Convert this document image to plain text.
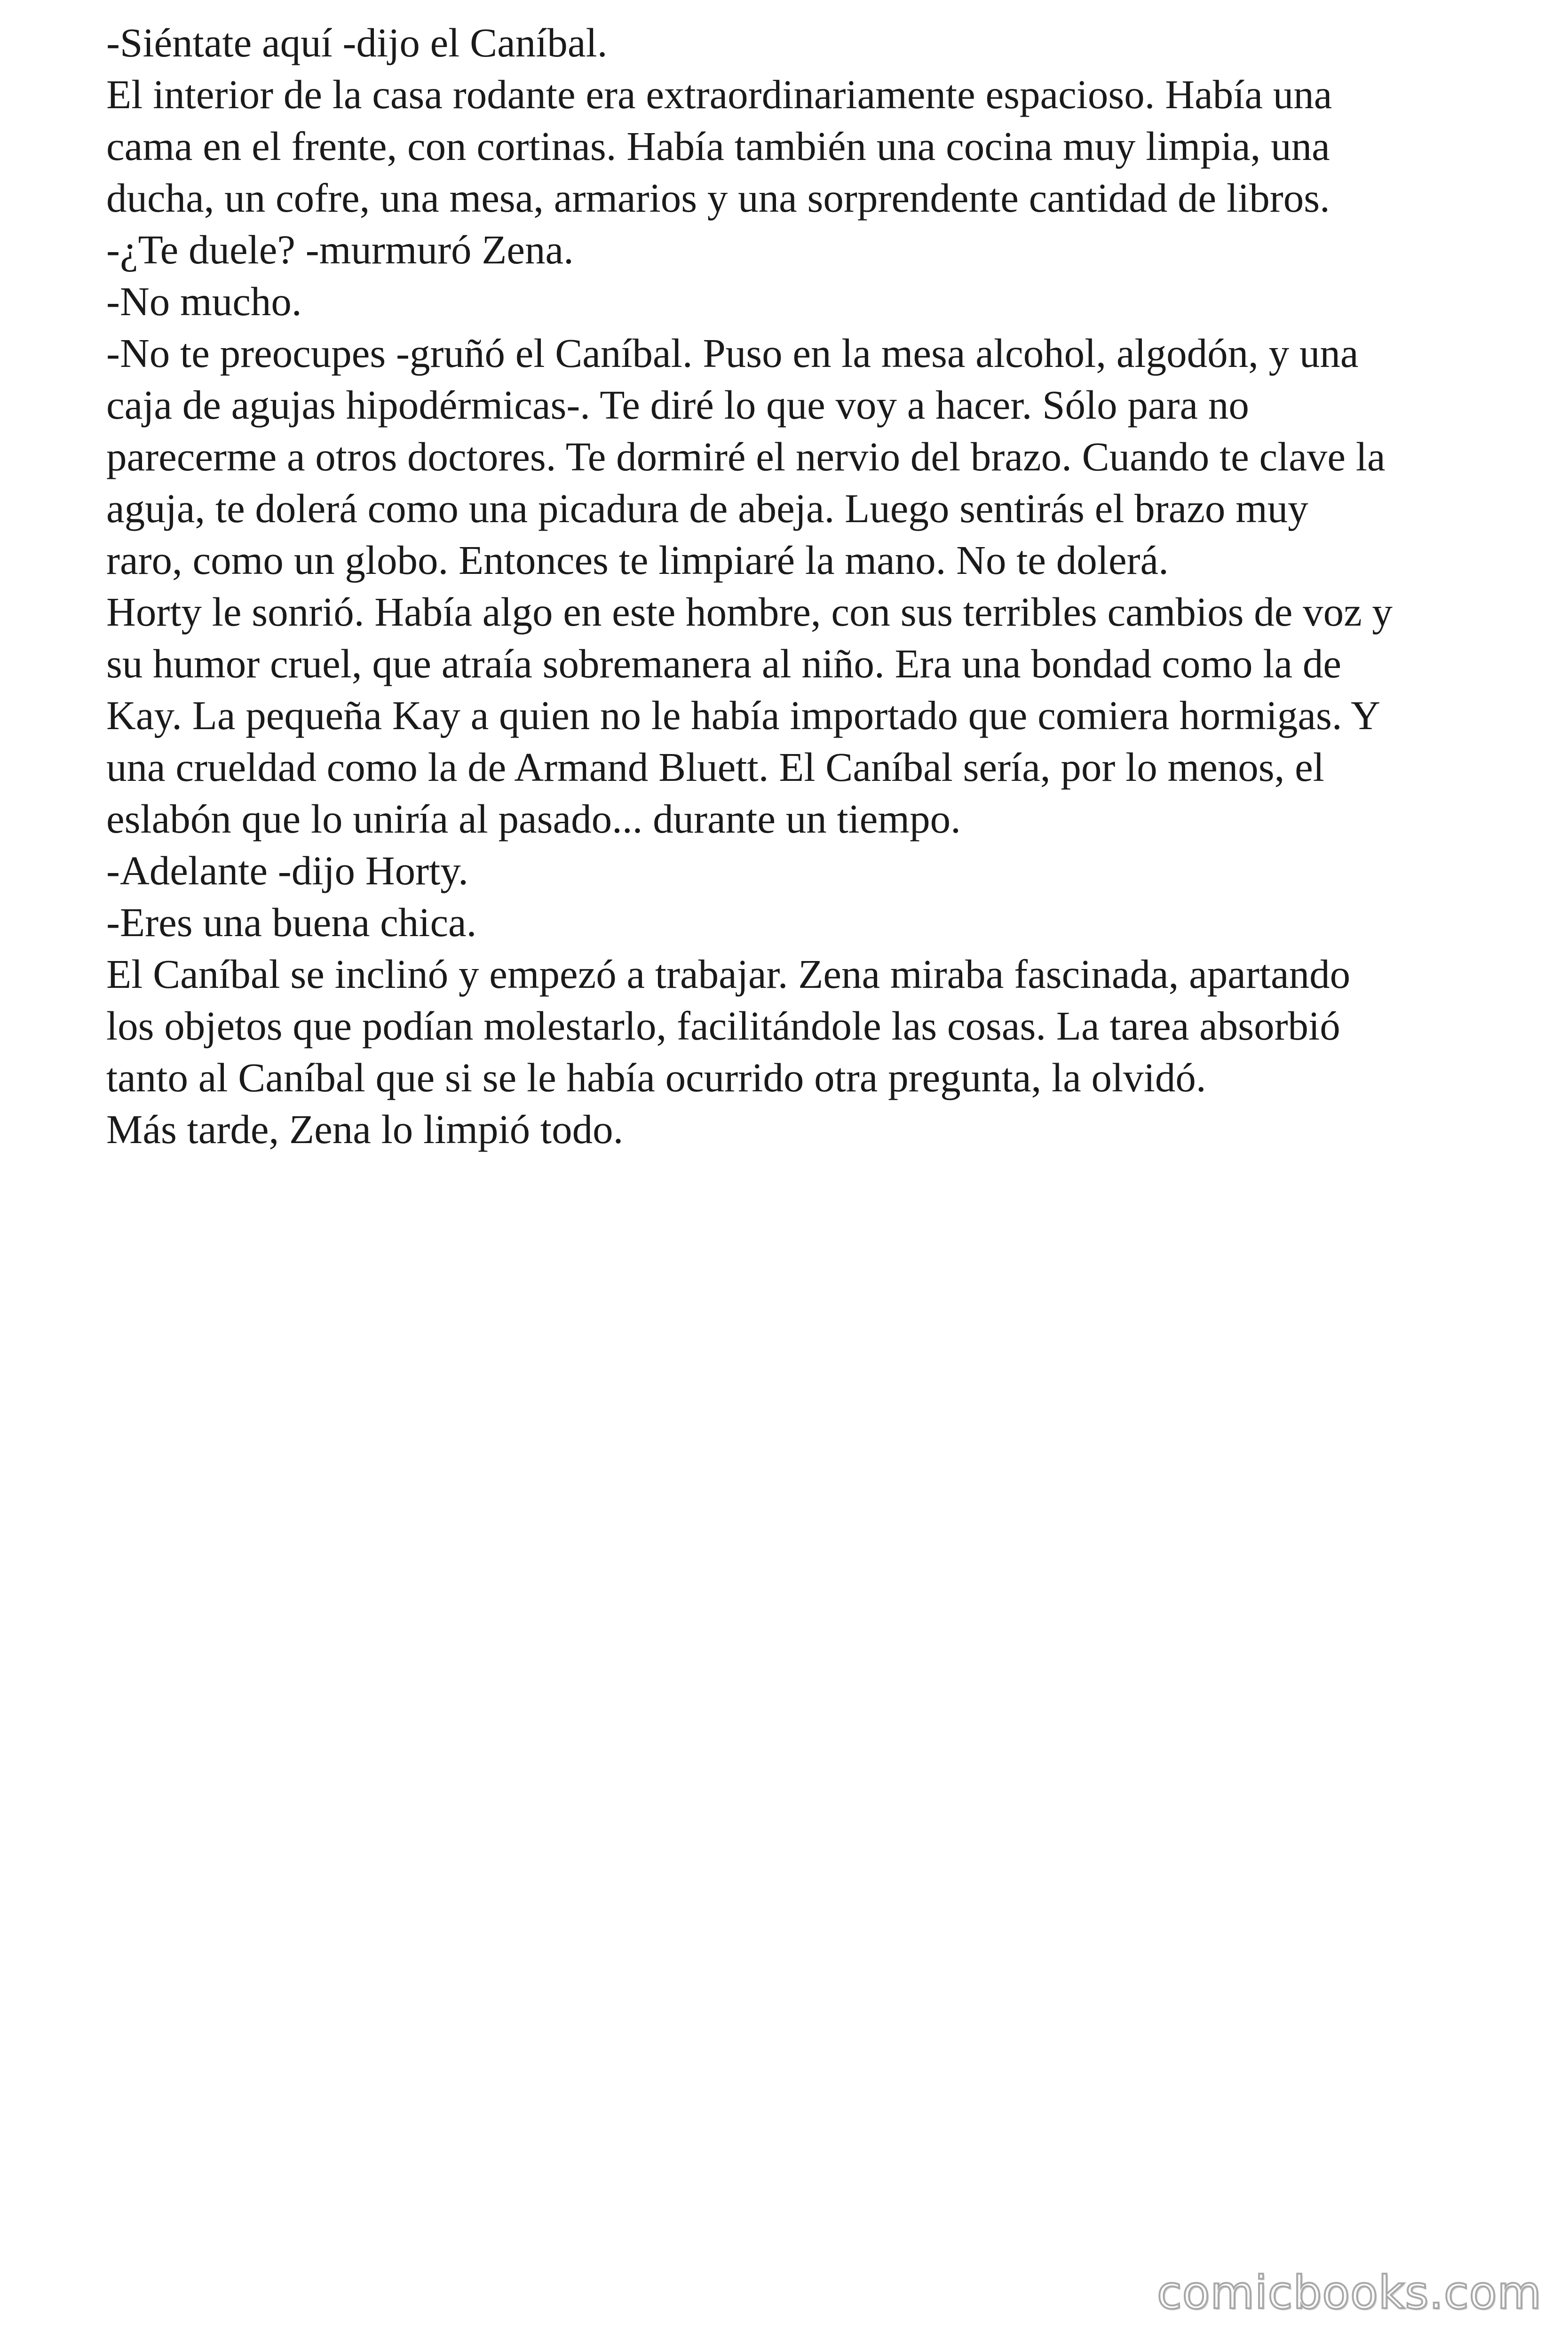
-Siéntate aquí -dijo el Caníbal.

El interior de la casa rodante era extraordinariamente espacioso. Había una
cama en el frente, con cortinas. Había también una cocina muy limpia, una
ducha, un cofre, una mesa, armarios y una sorprendente cantidad de libros.

-¿Te duele? -murmuró Zena.

-No mucho.

-No te preocupes -gruñó el Caníbal. Puso en la mesa alcohol, algodón, y una
caja de agujas hipodérmicas-. Te diré lo que voy a hacer. Sólo para no
parecerme a otros doctores. Te dormiré el nervio del brazo. Cuando te clave la
aguja, te dolerá como una picadura de abeja. Luego sentirás el brazo muy
raro, como un globo. Entonces te limpiaré la mano. No te dolerá.

Horty le sonrió. Había algo en este hombre, con sus terribles cambios de voz y
su humor cruel, que atraía sobremanera al niño. Era una bondad como la de
Kay. La pequeña Kay a quien no le había importado que comiera hormigas. Y
una crueldad como la de Armand Bluett. El Caníbal sería, por lo menos, el
eslabón que lo uniría al pasado... durante un tiempo.

-Adelante -dijo Horty.

-Eres una buena chica.

El Caníbal se inclinó y empezó a trabajar. Zena miraba fascinada, apartando
los objetos que podían molestarlo, facilitándole las cosas. La tarea absorbió
tanto al Caníbal que si se le había ocurrido otra pregunta, la olvidó.

Más tarde, Zena lo limpió todo.

comicbooks.com
